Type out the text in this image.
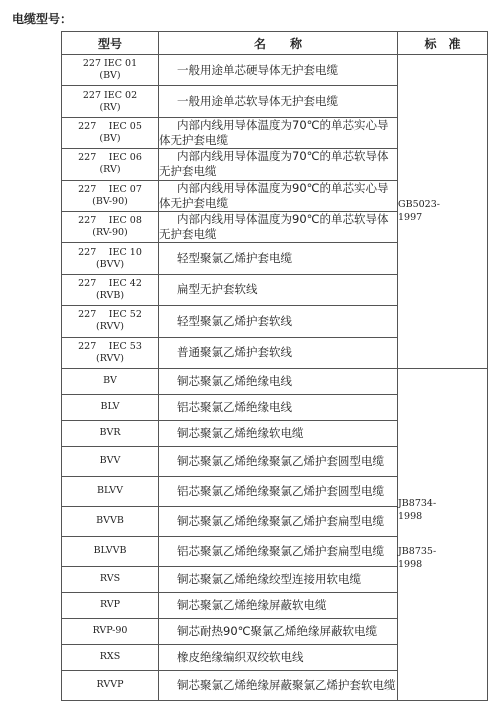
电缆型号：
型号	名　　称	标　准

227 IEC 01
(BV)	一般用途单芯硬导体无护套电缆	GB5023-
1997

227 IEC 02
(RV)	一般用途单芯软导体无护套电缆	

227　 IEC 05
(BV)	内部内线用导体温度为70℃的单芯实心导体无护套电缆	

227　 IEC 06
(RV)	内部内线用导体温度为70℃的单芯软导体无护套电缆	

227　 IEC 07
(BV-90)	内部内线用导体温度为90℃的单芯实心导体无护套电缆	

227　 IEC 08
(RV-90)	内部内线用导体温度为90℃的单芯软导体无护套电缆	

227　 IEC 10
(BVV)	轻型聚氯乙烯护套电缆	

227　 IEC 42
(RVB)	扁型无护套软线	

227　 IEC 52
(RVV)	轻型聚氯乙烯护套软线	

227　 IEC 53
(RVV)	普通聚氯乙烯护套软线	
BV	铜芯聚氯乙烯绝缘电线	JB8734-
1998
JB8735-
1998

BLV	铝芯聚氯乙烯绝缘电线	
BVR	铜芯聚氯乙烯绝缘软电缆	
BVV	铜芯聚氯乙烯绝缘聚氯乙烯护套圆型电缆	
BLVV	铝芯聚氯乙烯绝缘聚氯乙烯护套圆型电缆	
BVVB	铜芯聚氯乙烯绝缘聚氯乙烯护套扁型电缆	
BLVVB	铝芯聚氯乙烯绝缘聚氯乙烯护套扁型电缆	
RVS	铜芯聚氯乙烯绝缘绞型连接用软电缆	
RVP	铜芯聚氯乙烯绝缘屏蔽软电缆	
RVP-90	铜芯耐热90℃聚氯乙烯绝缘屏蔽软电缆	
RXS	橡皮绝缘编织双绞软电线	
RVVP	铜芯聚氯乙烯绝缘屏蔽聚氯乙烯护套软电缆	
